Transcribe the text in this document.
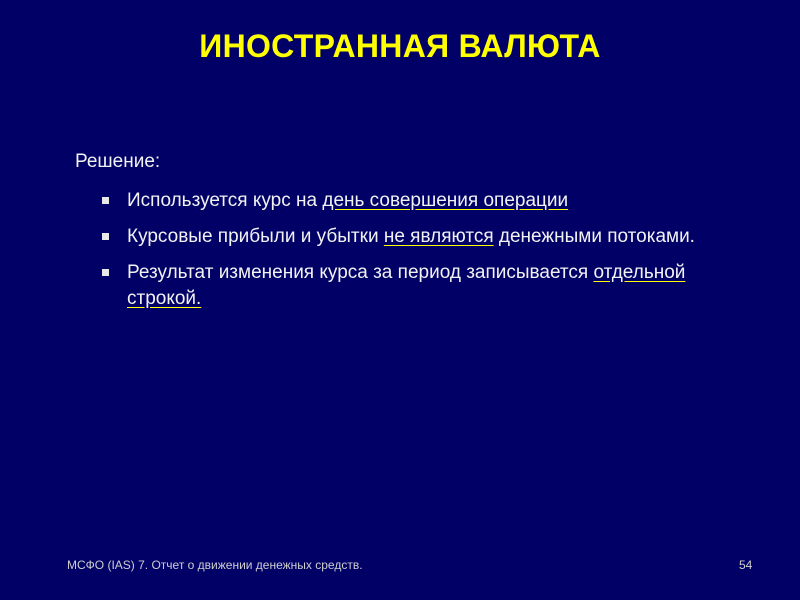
ИНОСТРАННАЯ ВАЛЮТА
Решение:
Используется курс на день совершения операции
Курсовые прибыли и убытки не являются денежными потоками.
Результат изменения курса за период записывается отдельной строкой.
МСФО (IAS) 7. Отчет о движении денежных средств.	54
